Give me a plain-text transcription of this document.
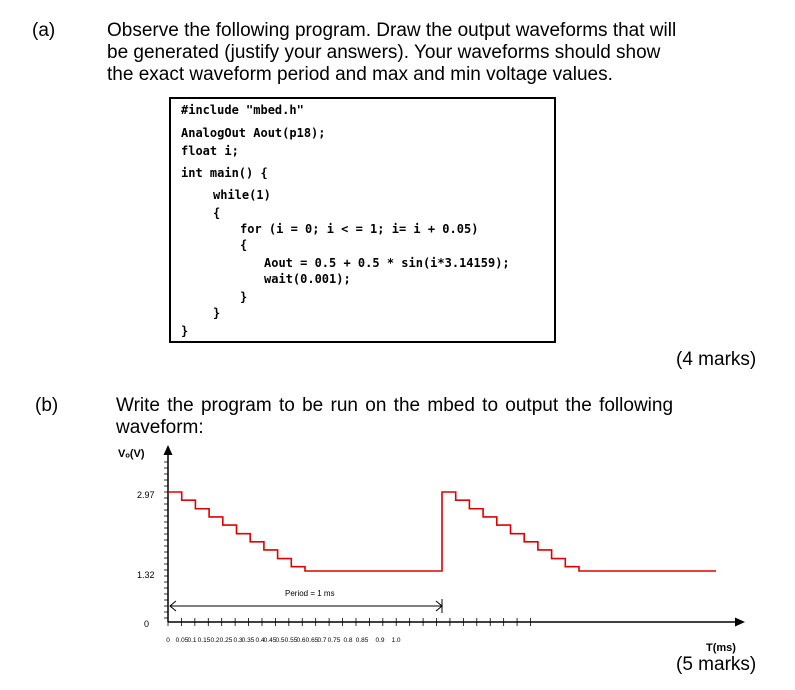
(a)	Observe the following program. Draw the output waveforms that will
be generated (justify your answers). Your waveforms should show
the exact waveform period and max and min voltage values.
#include "mbed.h"
AnalogOut Aout(p18);
float i;
int main() {
while(1)
{
for (i = 0; i < = 1; i= i + 0.05)
{
Aout = 0.5 + 0.5 * sin(i*3.14159);
wait(0.001);
}
}
}
(4 marks)
(b)	Write the program to be run on the mbed to output the following
waveform:
Vₒ(V)
2.97
1.32
0
T(ms)
0 0.05 0.1 0.15 0.2 0.25 0.3 0.35 0.4 0.45 0.5 0.55 0.6 0.65 0.7 0.75 0.8 0.85 0.9 1.0
Period = 1 ms
(5 marks)
